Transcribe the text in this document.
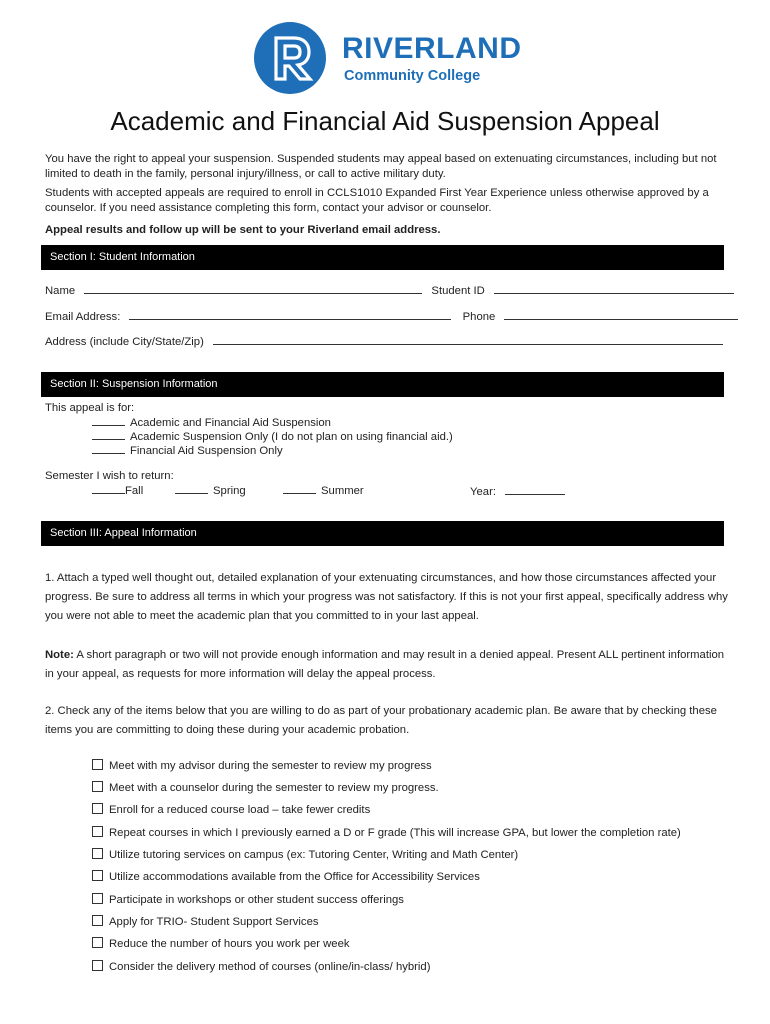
RIVERLAND
Community College
Academic and Financial Aid Suspension Appeal
You have the right to appeal your suspension. Suspended students may appeal based on extenuating circumstances, including but not limited to death in the family, personal injury/illness, or call to active military duty.
Students with accepted appeals are required to enroll in CCLS1010 Expanded First Year Experience unless otherwise approved by a counselor. If you need assistance completing this form, contact your advisor or counselor.
Appeal results and follow up will be sent to your Riverland email address.
Section I: Student Information
Name	Student ID
Email Address:	Phone
Address (include City/State/Zip)
Section II: Suspension Information
This appeal is for:
Academic and Financial Aid Suspension
Academic Suspension Only (I do not plan on using financial aid.)
Financial Aid Suspension Only
Semester I wish to return:
Fall	Spring	Summer	Year:
Section III: Appeal Information
1. Attach a typed well thought out, detailed explanation of your extenuating circumstances, and how those circumstances affected your progress. Be sure to address all terms in which your progress was not satisfactory. If this is not your first appeal, specifically address why you were not able to meet the academic plan that you committed to in your last appeal.
Note: A short paragraph or two will not provide enough information and may result in a denied appeal. Present ALL pertinent information in your appeal, as requests for more information will delay the appeal process.
2. Check any of the items below that you are willing to do as part of your probationary academic plan. Be aware that by checking these items you are committing to doing these during your academic probation.
Meet with my advisor during the semester to review my progress
Meet with a counselor during the semester to review my progress.
Enroll for a reduced course load – take fewer credits
Repeat courses in which I previously earned a D or F grade (This will increase GPA, but lower the completion rate)
Utilize tutoring services on campus (ex: Tutoring Center, Writing and Math Center)
Utilize accommodations available from the Office for Accessibility Services
Participate in workshops or other student success offerings
Apply for TRIO- Student Support Services
Reduce the number of hours you work per week
Consider the delivery method of courses (online/in-class/ hybrid)
